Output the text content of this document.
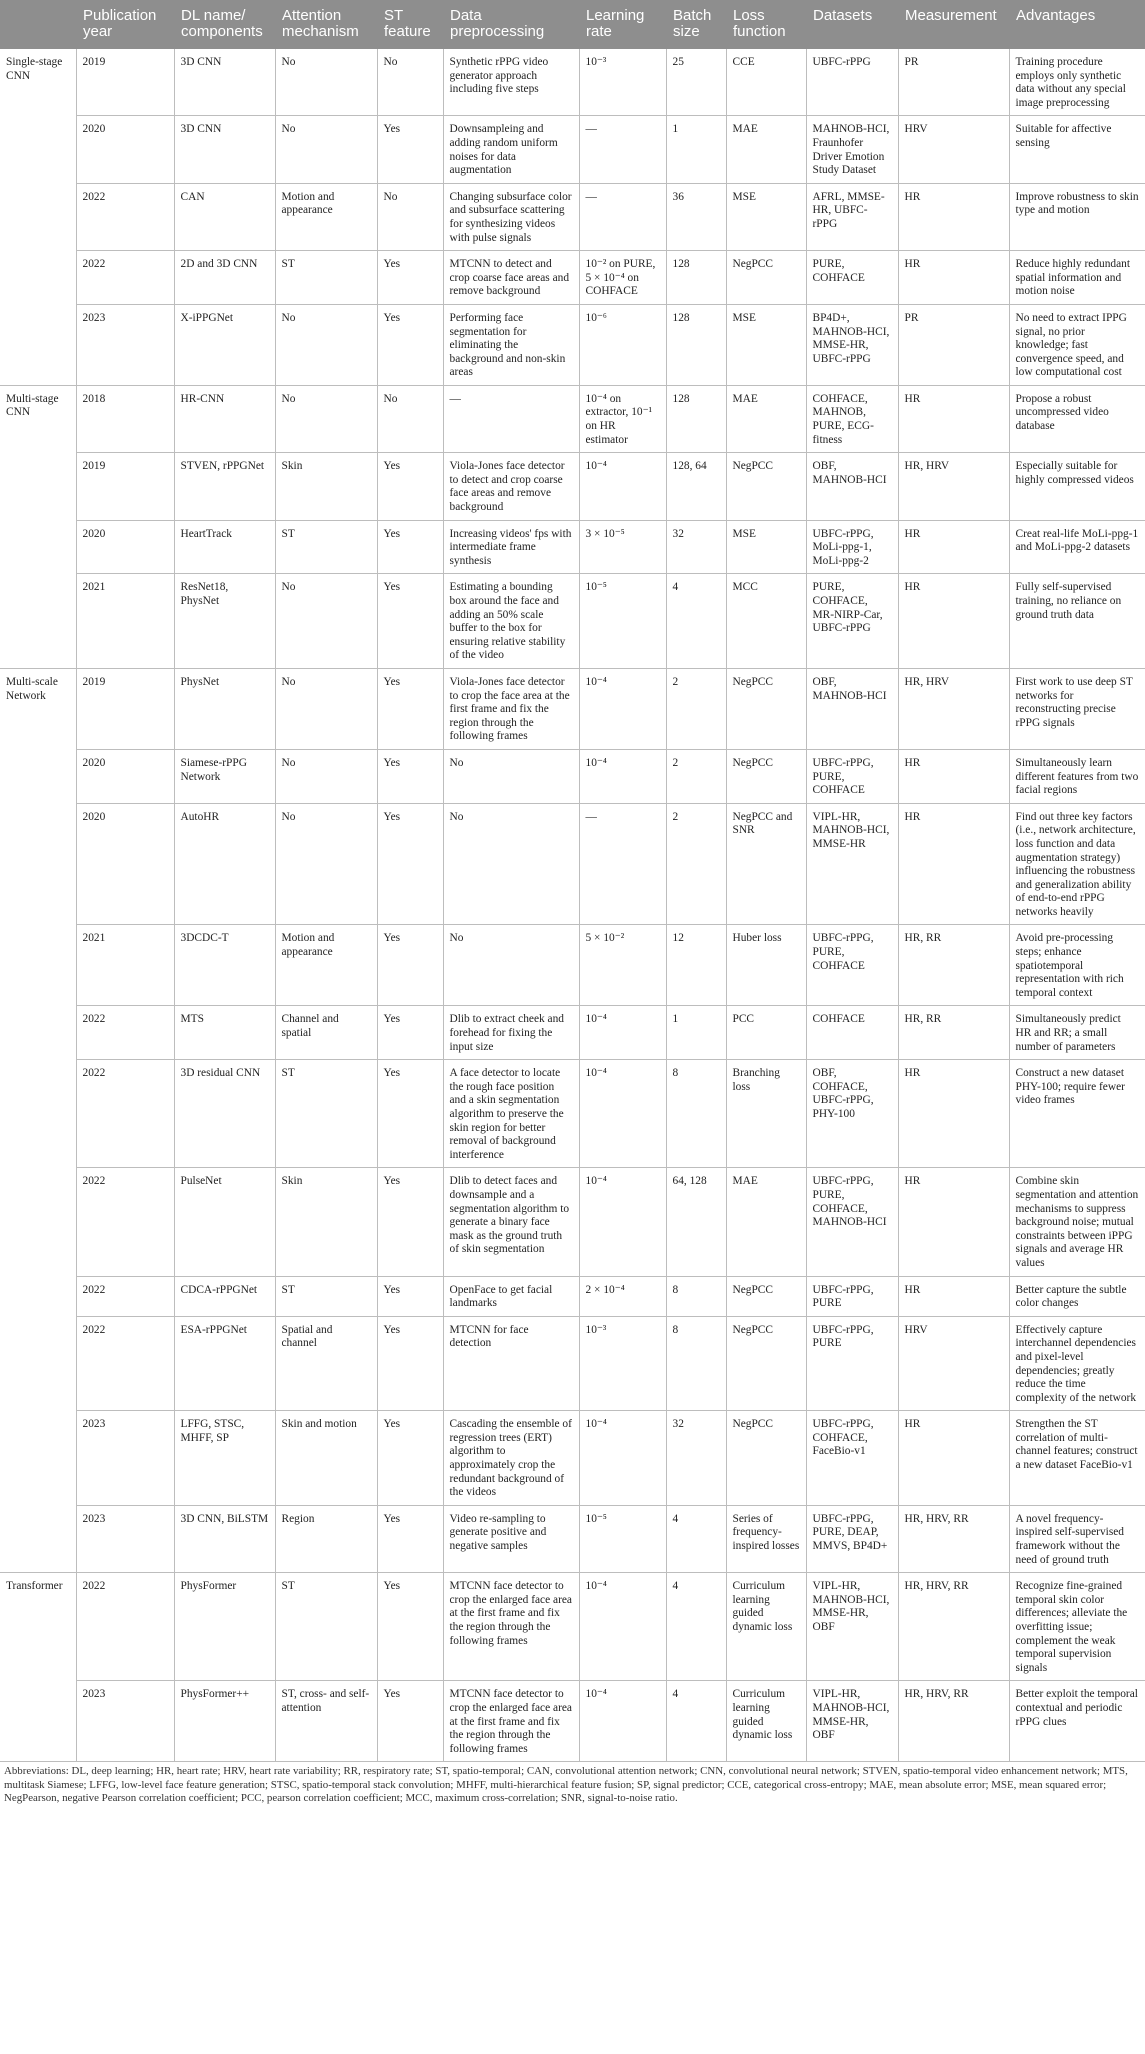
	Publication year	DL name/ components	Attention mechanism	ST feature	Data preprocessing	Learning rate	Batch size	Loss function	Datasets	Measurement	Advantages
Single-stage CNN	2019	3D CNN	No	No	Synthetic rPPG video generator approach including five steps	10⁻³	25	CCE	UBFC-rPPG	PR	Training procedure employs only synthetic data without any special image preprocessing
	2020	3D CNN	No	Yes	Downsampleing and adding random uniform noises for data augmentation	—	1	MAE	MAHNOB-HCI, Fraunhofer Driver Emotion Study Dataset	HRV	Suitable for affective sensing
	2022	CAN	Motion and appearance	No	Changing subsurface color and subsurface scattering for synthesizing videos with pulse signals	—	36	MSE	AFRL, MMSE-HR, UBFC-rPPG	HR	Improve robustness to skin type and motion
	2022	2D and 3D CNN	ST	Yes	MTCNN to detect and crop coarse face areas and remove background	10⁻² on PURE, 5 × 10⁻⁴ on COHFACE	128	NegPCC	PURE, COHFACE	HR	Reduce highly redundant spatial information and motion noise
	2023	X-iPPGNet	No	Yes	Performing face segmentation for eliminating the background and non-skin areas	10⁻⁶	128	MSE	BP4D+, MAHNOB-HCI, MMSE-HR, UBFC-rPPG	PR	No need to extract IPPG signal, no prior knowledge; fast convergence speed, and low computational cost
Multi-stage CNN	2018	HR-CNN	No	No	—	10⁻⁴ on extractor, 10⁻¹ on HR estimator	128	MAE	COHFACE, MAHNOB, PURE, ECG-fitness	HR	Propose a robust uncompressed video database
	2019	STVEN, rPPGNet	Skin	Yes	Viola-Jones face detector to detect and crop coarse face areas and remove background	10⁻⁴	128, 64	NegPCC	OBF, MAHNOB-HCI	HR, HRV	Especially suitable for highly compressed videos
	2020	HeartTrack	ST	Yes	Increasing videos' fps with intermediate frame synthesis	3 × 10⁻⁵	32	MSE	UBFC-rPPG, MoLi-ppg-1, MoLi-ppg-2	HR	Creat real-life MoLi-ppg-1 and MoLi-ppg-2 datasets
	2021	ResNet18, PhysNet	No	Yes	Estimating a bounding box around the face and adding an 50% scale buffer to the box for ensuring relative stability of the video	10⁻⁵	4	MCC	PURE, COHFACE, MR-NIRP-Car, UBFC-rPPG	HR	Fully self-supervised training, no reliance on ground truth data
Multi-scale Network	2019	PhysNet	No	Yes	Viola-Jones face detector to crop the face area at the first frame and fix the region through the following frames	10⁻⁴	2	NegPCC	OBF, MAHNOB-HCI	HR, HRV	First work to use deep ST networks for reconstructing precise rPPG signals
	2020	Siamese-rPPG Network	No	Yes	No	10⁻⁴	2	NegPCC	UBFC-rPPG, PURE, COHFACE	HR	Simultaneously learn different features from two facial regions
	2020	AutoHR	No	Yes	No	—	2	NegPCC and SNR	VIPL-HR, MAHNOB-HCI, MMSE-HR	HR	Find out three key factors (i.e., network architecture, loss function and data augmentation strategy) influencing the robustness and generalization ability of end-to-end rPPG networks heavily
	2021	3DCDC-T	Motion and appearance	Yes	No	5 × 10⁻²	12	Huber loss	UBFC-rPPG, PURE, COHFACE	HR, RR	Avoid pre-processing steps; enhance spatiotemporal representation with rich temporal context
	2022	MTS	Channel and spatial	Yes	Dlib to extract cheek and forehead for fixing the input size	10⁻⁴	1	PCC	COHFACE	HR, RR	Simultaneously predict HR and RR; a small number of parameters
	2022	3D residual CNN	ST	Yes	A face detector to locate the rough face position and a skin segmentation algorithm to preserve the skin region for better removal of background interference	10⁻⁴	8	Branching loss	OBF, COHFACE, UBFC-rPPG, PHY-100	HR	Construct a new dataset PHY-100; require fewer video frames
	2022	PulseNet	Skin	Yes	Dlib to detect faces and downsample and a segmentation algorithm to generate a binary face mask as the ground truth of skin segmentation	10⁻⁴	64, 128	MAE	UBFC-rPPG, PURE, COHFACE, MAHNOB-HCI	HR	Combine skin segmentation and attention mechanisms to suppress background noise; mutual constraints between iPPG signals and average HR values
	2022	CDCA-rPPGNet	ST	Yes	OpenFace to get facial landmarks	2 × 10⁻⁴	8	NegPCC	UBFC-rPPG, PURE	HR	Better capture the subtle color changes
	2022	ESA-rPPGNet	Spatial and channel	Yes	MTCNN for face detection	10⁻³	8	NegPCC	UBFC-rPPG, PURE	HRV	Effectively capture interchannel dependencies and pixel-level dependencies; greatly reduce the time complexity of the network
	2023	LFFG, STSC, MHFF, SP	Skin and motion	Yes	Cascading the ensemble of regression trees (ERT) algorithm to approximately crop the redundant background of the videos	10⁻⁴	32	NegPCC	UBFC-rPPG, COHFACE, FaceBio-v1	HR	Strengthen the ST correlation of multi-channel features; construct a new dataset FaceBio-v1
	2023	3D CNN, BiLSTM	Region	Yes	Video re-sampling to generate positive and negative samples	10⁻⁵	4	Series of frequency-inspired losses	UBFC-rPPG, PURE, DEAP, MMVS, BP4D+	HR, HRV, RR	A novel frequency-inspired self-supervised framework without the need of ground truth
Transformer	2022	PhysFormer	ST	Yes	MTCNN face detector to crop the enlarged face area at the first frame and fix the region through the following frames	10⁻⁴	4	Curriculum learning guided dynamic loss	VIPL-HR, MAHNOB-HCI, MMSE-HR, OBF	HR, HRV, RR	Recognize fine-grained temporal skin color differences; alleviate the overfitting issue; complement the weak temporal supervision signals
	2023	PhysFormer++	ST, cross- and self-attention	Yes	MTCNN face detector to crop the enlarged face area at the first frame and fix the region through the following frames	10⁻⁴	4	Curriculum learning guided dynamic loss	VIPL-HR, MAHNOB-HCI, MMSE-HR, OBF	HR, HRV, RR	Better exploit the temporal contextual and periodic rPPG clues
Abbreviations: DL, deep learning; HR, heart rate; HRV, heart rate variability; RR, respiratory rate; ST, spatio-temporal; CAN, convolutional attention network; CNN, convolutional neural network; STVEN, spatio-temporal video enhancement network; MTS, multitask Siamese; LFFG, low-level face feature generation; STSC, spatio-temporal stack convolution; MHFF, multi-hierarchical feature fusion; SP, signal predictor; CCE, categorical cross-entropy; MAE, mean absolute error; MSE, mean squared error; NegPearson, negative Pearson correlation coefficient; PCC, pearson correlation coefficient; MCC, maximum cross-correlation; SNR, signal-to-noise ratio.
